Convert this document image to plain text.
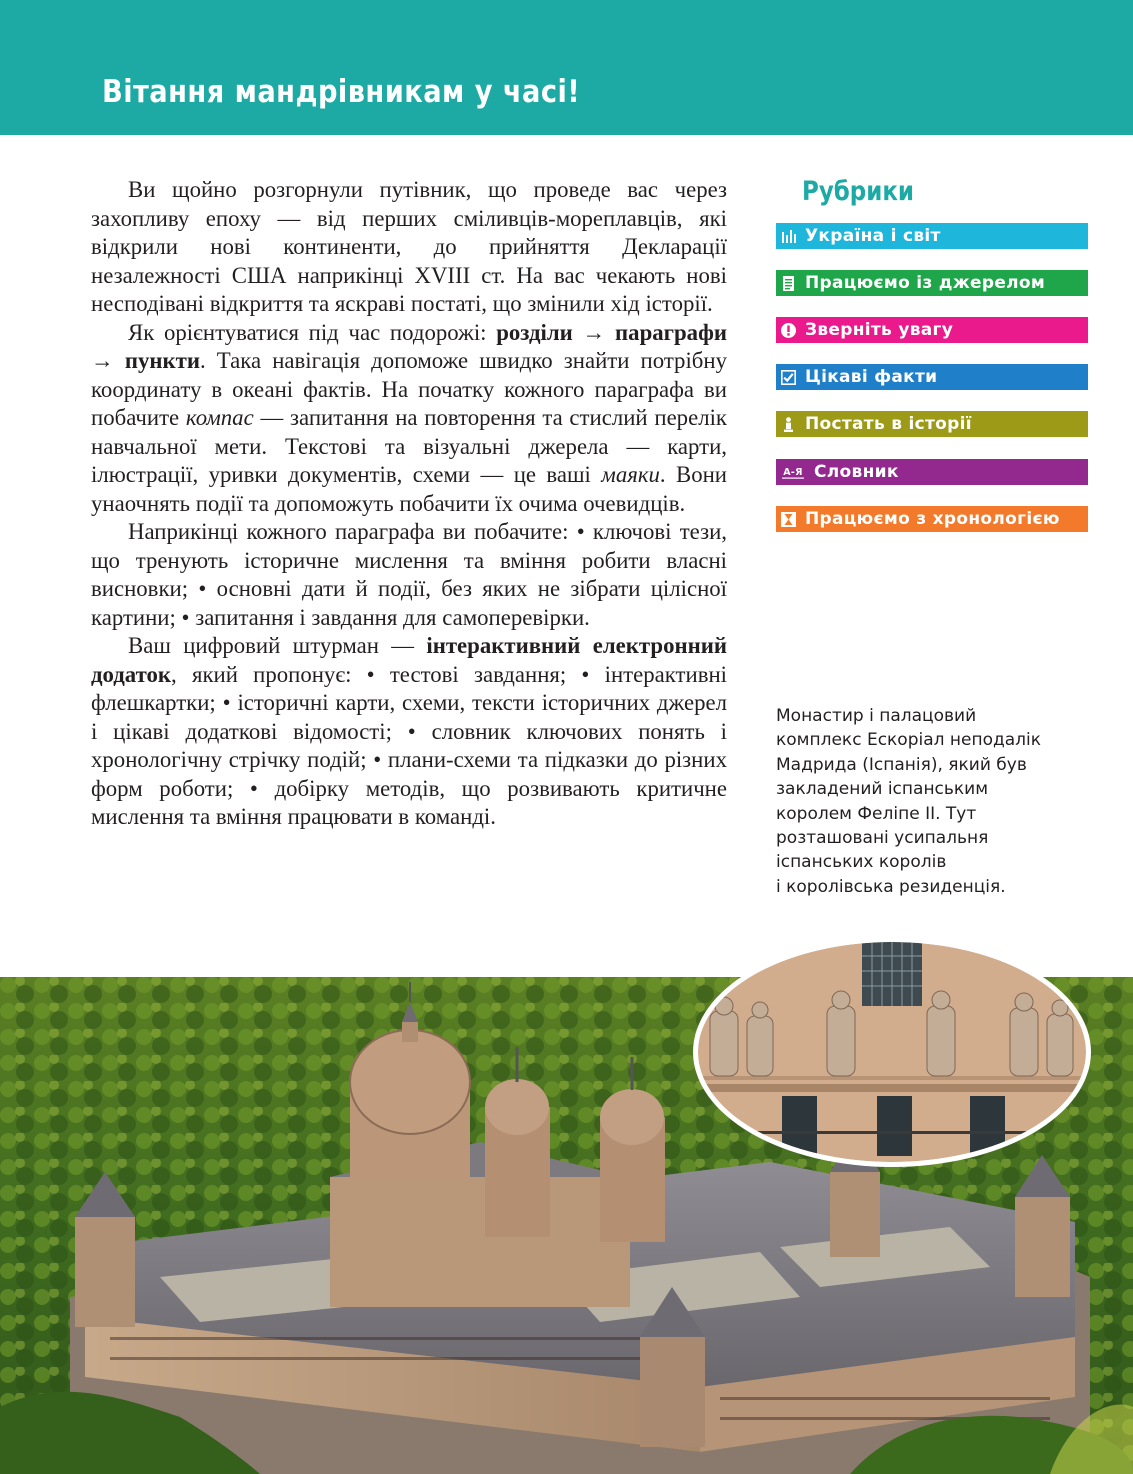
Вітання мандрівникам у часі!

Ви щойно розгорнули путівник, що проведе вас через захопливу епоху — від перших сміливців-мореплавців, які відкрили нові континенти, до прийняття Декларації незалежності США наприкінці XVIII ст. На вас чекають нові несподівані відкриття та яскраві постаті, що змінили хід історії.

Як орієнтуватися під час подорожі: розділи → параграфи → пункти. Така навігація допоможе швидко знайти потрібну координату в океані фактів. На початку кожного параграфа ви побачите компас — запитання на повторення та стислий перелік навчальної мети. Текстові та візуальні джерела — карти, ілюстрації, уривки документів, схеми — це ваші маяки. Вони унаочнять події та допоможуть побачити їх очима очевидців.

Наприкінці кожного параграфа ви побачите: • ключові тези, що тренують історичне мислення та вміння робити власні висновки; • основні дати й події, без яких не зібрати цілісної картини; • запитання і завдання для самоперевірки.

Ваш цифровий штурман — інтерактивний електронний додаток, який пропонує: • тестові завдання; • інтерактивні флешкартки; • історичні карти, схеми, тексти історичних джерел і цікаві додаткові відомості; • словник ключових понять і хронологічну стрічку подій; • плани-схеми та підказки до різних форм роботи; • добірку методів, що розвивають критичне мислення та вміння працювати в команді.

Рубрики
Україна і світ
Працюємо із джерелом
Зверніть увагу
Цікаві факти
Постать в історії
А-Я Словник
Працюємо з хронологією
Монастир і палацовий
комплекс Ескоріал неподалік
Мадрида (Іспанія), який був
закладений іспанським
королем Феліпе ІІ. Тут
розташовані усипальня
іспанських королів
і королівська резиденція.
